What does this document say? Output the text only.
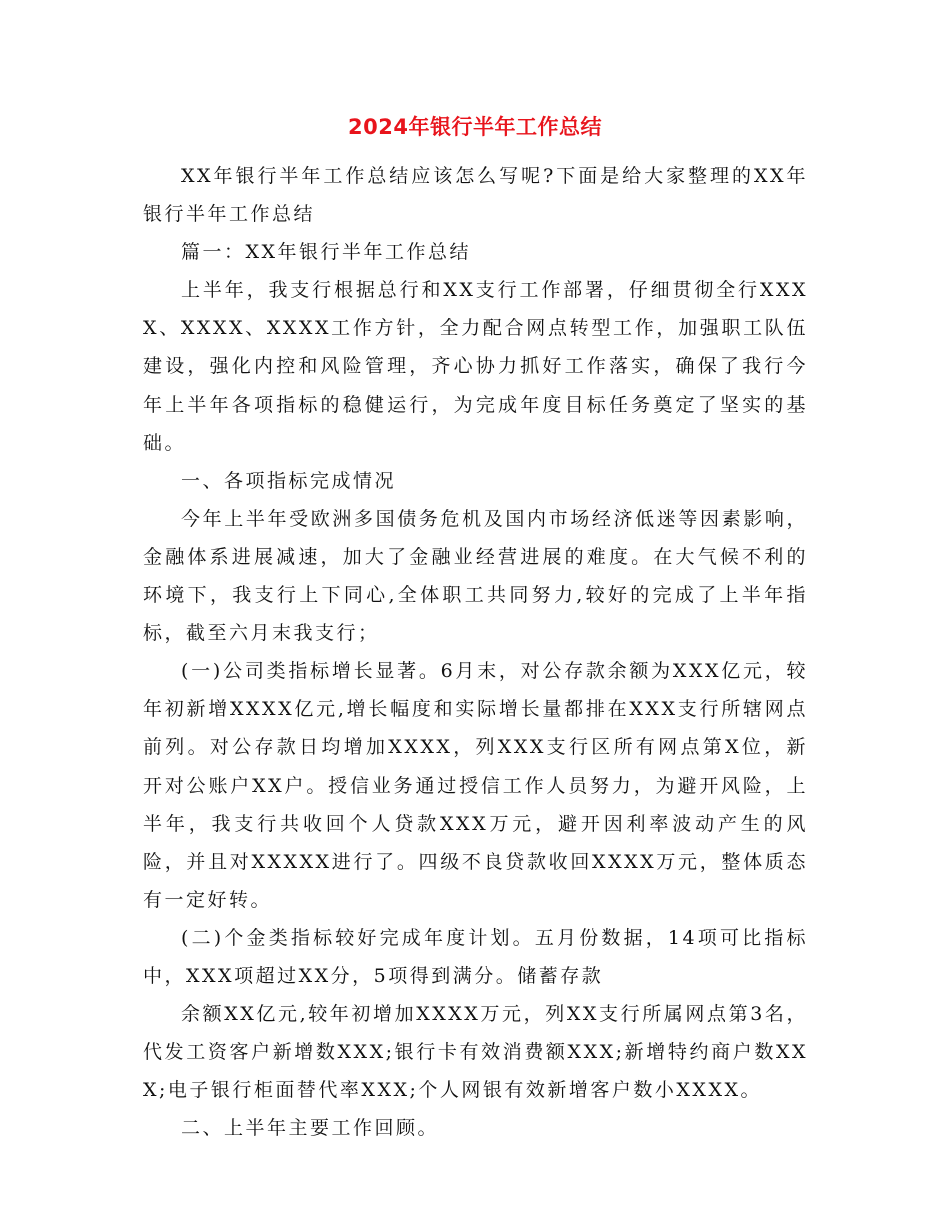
2024年银行半年工作总结

XX年银行半年工作总结应该怎么写呢?下面是给大家整理的XX年银行半年工作总结

篇一：XX年银行半年工作总结

上半年，我支行根据总行和XX支行工作部署，仔细贯彻全行XXXX、XXXX、XXXX工作方针，全力配合网点转型工作，加强职工队伍建设，强化内控和风险管理，齐心协力抓好工作落实，确保了我行今年上半年各项指标的稳健运行，为完成年度目标任务奠定了坚实的基础。

一、各项指标完成情况

今年上半年受欧洲多国债务危机及国内市场经济低迷等因素影响，金融体系进展减速，加大了金融业经营进展的难度。在大气候不利的环境下，我支行上下同心,全体职工共同努力,较好的完成了上半年指标，截至六月末我支行；

(一)公司类指标增长显著。6月末，对公存款余额为XXX亿元，较年初新增XXXX亿元,增长幅度和实际增长量都排在XXX支行所辖网点前列。对公存款日均增加XXXX，列XXX支行区所有网点第X位，新开对公账户XX户。授信业务通过授信工作人员努力，为避开风险，上半年，我支行共收回个人贷款XXX万元，避开因利率波动产生的风险，并且对XXXXX进行了。四级不良贷款收回XXXX万元，整体质态有一定好转。

(二)个金类指标较好完成年度计划。五月份数据，14项可比指标中，XXX项超过XX分，5项得到满分。储蓄存款

余额XX亿元,较年初增加XXXX万元，列XX支行所属网点第3名，代发工资客户新增数XXX;银行卡有效消费额XXX;新增特约商户数XXX;电子银行柜面替代率XXX;个人网银有效新增客户数小XXXX。

二、上半年主要工作回顾。
